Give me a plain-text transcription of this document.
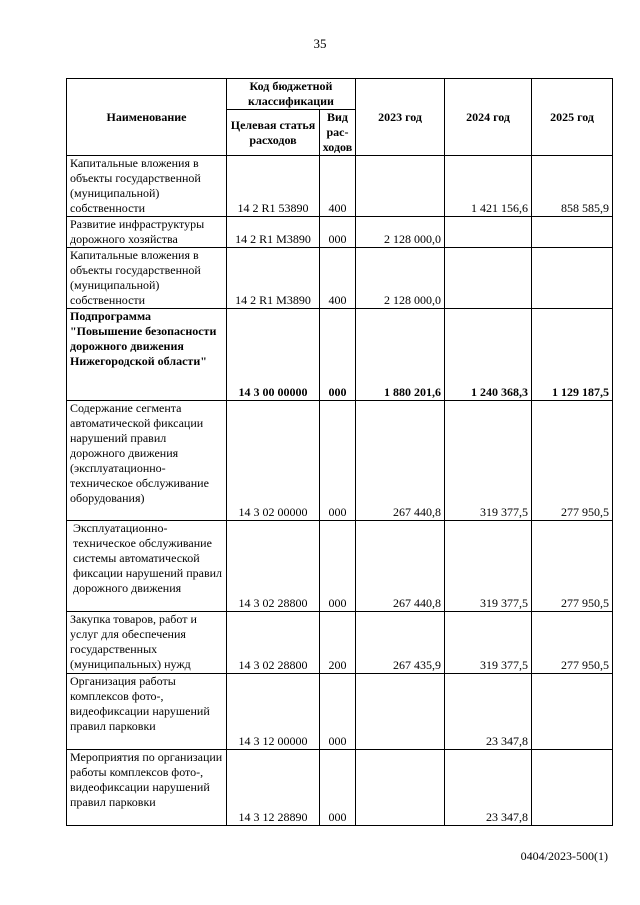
35
Наименование	Код бюджетной классификации		2023 год	2024 год	2025 год
	Целевая статья расходов	Вид рас-ходов			
Капитальные вложения в объекты государственной (муниципальной) собственности	14 2 R1 53890	400		1 421 156,6	858 585,9
Развитие инфраструктуры дорожного хозяйства	14 2 R1 M3890	000	2 128 000,0		
Капитальные вложения в объекты государственной (муниципальной) собственности	14 2 R1 M3890	400	2 128 000,0		
Подпрограмма "Повышение безопасности дорожного движения Нижегородской области"	14 3 00 00000	000	1 880 201,6	1 240 368,3	1 129 187,5
Содержание сегмента автоматической фиксации нарушений правил дорожного движения (эксплуатационно-техническое обслуживание оборудования)	14 3 02 00000	000	267 440,8	319 377,5	277 950,5
Эксплуатационно-техническое обслуживание системы автоматической фиксации нарушений правил дорожного движения	14 3 02 28800	000	267 440,8	319 377,5	277 950,5
Закупка товаров, работ и услуг для обеспечения государственных (муниципальных) нужд	14 3 02 28800	200	267 435,9	319 377,5	277 950,5
Организация работы комплексов фото-, видеофиксации нарушений правил парковки	14 3 12 00000	000		23 347,8	
Мероприятия по организации работы комплексов фото-, видеофиксации нарушений правил парковки	14 3 12 28890	000		23 347,8	
0404/2023-500(1)
